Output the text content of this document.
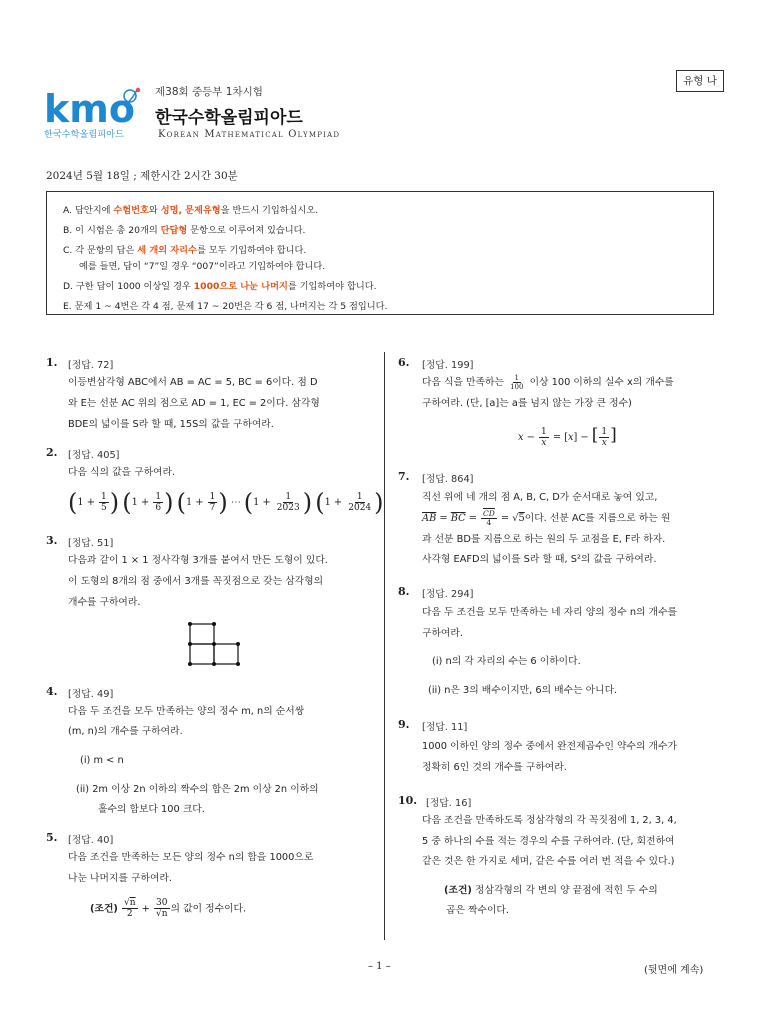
kmo
한국수학올림피아드
제38회 중등부 1차시험
한국수학올림피아드
Korean Mathematical Olympiad
유형 나
2024년 5월 18일 ; 제한시간 2시간 30분
A. 답안지에 수험번호와 성명, 문제유형을 반드시 기입하십시오.
B. 이 시험은 총 20개의 단답형 문항으로 이루어져 있습니다.
C. 각 문항의 답은 세 개의 자리수를 모두 기입하여야 합니다.
예를 들면, 답이 “7”일 경우 “007”이라고 기입하여야 합니다.
D. 구한 답이 1000 이상일 경우 1000으로 나눈 나머지를 기입하여야 합니다.
E. 문제 1 ~ 4번은 각 4 점, 문제 17 ~ 20번은 각 6 점, 나머지는 각 5 점입니다.
1. [정답. 72]
이등변삼각형 ABC에서 AB = AC = 5, BC = 6이다. 점 D
와 E는 선분 AC 위의 점으로 AD = 1, EC = 2이다. 삼각형
BDE의 넓이를 S라 할 때, 15S의 값을 구하여라.
2. [정답. 405]
다음 식의 값을 구하여라.
($1 + \frac{1}{5}$ ) ($1 + \frac{1}{6}$ ) ($1 + \frac{1}{7}$ ) ⋯ ($1 + \frac{1}{2023}$ ) ($1 + \frac{1}{2024}$ )
3. [정답. 51]
다음과 같이 1 × 1 정사각형 3개를 붙여서 만든 도형이 있다.
이 도형의 8개의 점 중에서 3개를 꼭짓점으로 갖는 삼각형의
개수를 구하여라.
4. [정답. 49]
다음 두 조건을 모두 만족하는 양의 정수 m, n의 순서쌍
(m, n)의 개수를 구하여라.
(i) m < n
(ii) 2m 이상 2n 이하의 짝수의 합은 2m 이상 2n 이하의
홀수의 합보다 100 크다.
5. [정답. 40]
다음 조건을 만족하는 모든 양의 정수 n의 합을 1000으로
나눈 나머지를 구하여라.
(조건) $\frac{√n}{2} + \frac{30}{√n}$ 의 값이 정수이다.
6. [정답. 199]
다음 식을 만족하는 $\frac{1}{100}$ 이상 100 이하의 실수 x의 개수를
구하여라. (단, [a]는 a를 넘지 않는 가장 큰 정수)
$x - \frac{1}{x} = [x]$ − [ $\frac{1}{x}$ ]
7. [정답. 864]
직선 위에 네 개의 점 A, B, C, D가 순서대로 놓여 있고,
$\overline{AB} = \overline{BC} = \frac{\overline{CD}}{4} = √5$이다. 선분 AC를 지름으로 하는 원
과 선분 BD를 지름으로 하는 원의 두 교점을 E, F라 하자.
사각형 EAFD의 넓이를 S라 할 때, S²의 값을 구하여라.
8. [정답. 294]
다음 두 조건을 모두 만족하는 네 자리 양의 정수 n의 개수를
구하여라.
(i) n의 각 자리의 수는 6 이하이다.
(ii) n은 3의 배수이지만, 6의 배수는 아니다.
9. [정답. 11]
1000 이하인 양의 정수 중에서 완전제곱수인 약수의 개수가
정확히 6인 것의 개수를 구하여라.
10. [정답. 16]
다음 조건을 만족하도록 정삼각형의 각 꼭짓점에 1, 2, 3, 4,
5 중 하나의 수를 적는 경우의 수를 구하여라. (단, 회전하여
같은 것은 한 가지로 세며, 같은 수를 여러 번 적을 수 있다.)
(조건) 정삼각형의 각 변의 양 끝점에 적힌 두 수의
곱은 짝수이다.
– 1 –	(뒷면에 계속)
